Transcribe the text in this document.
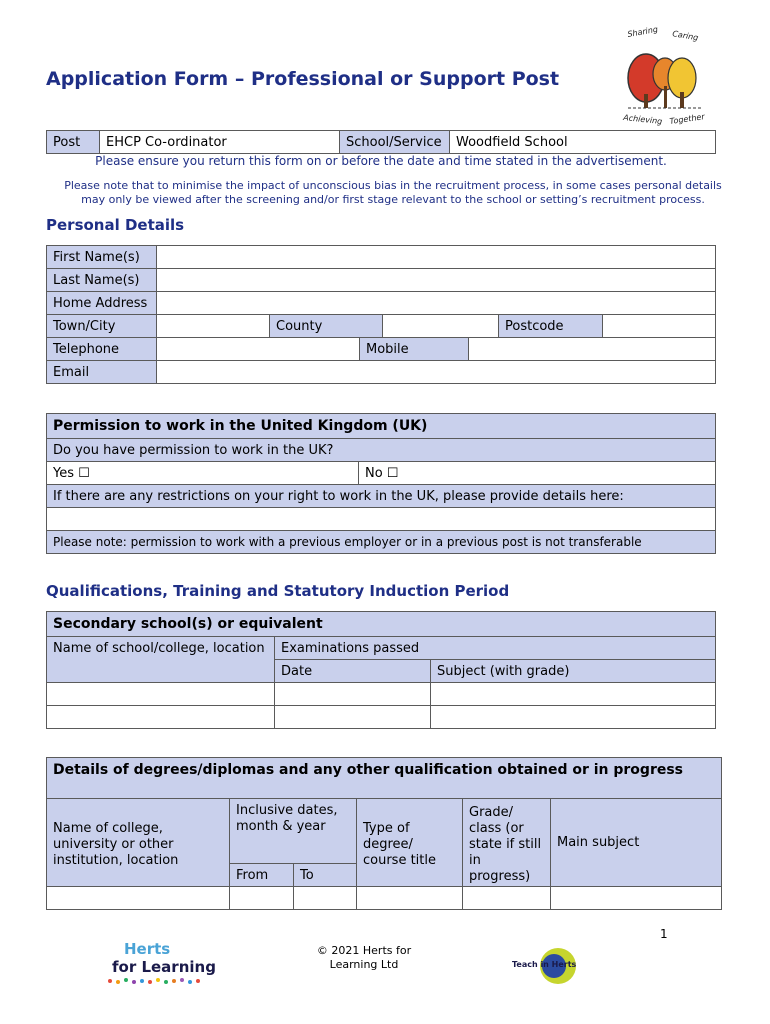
Application Form – Professional or Support Post
Sharing Caring
Achieving Together
Post	EHCP Co-ordinator	School/Service	Woodfield School
Please ensure you return this form on or before the date and time stated in the advertisement.
Please note that to minimise the impact of unconscious bias in the recruitment process, in some cases personal details
may only be viewed after the screening and/or first stage relevant to the school or setting’s recruitment process.
Personal Details
First Name(s)							
Last Name(s)							
Home Address							
Town/City		County				Postcode	
Telephone			Mobile				
Email							
Permission to work in the United Kingdom (UK)
Do you have permission to work in the UK?
Yes ☐	No ☐
If there are any restrictions on your right to work in the UK, please provide details here:

Please note: permission to work with a previous employer or in a previous post is not transferable
Qualifications, Training and Statutory Induction Period
Secondary school(s) or equivalent		
Name of school/college, location	Examinations passed	
	Date	Subject (with grade)

Details of degrees/diplomas and any other qualification obtained or in progress					
Name of college, university or other institution, location	Inclusive dates, month & year		Type of degree/ course title	Grade/ class (or state if still in progress)	Main subject
	From	To			

1
Herts
for Learning
© 2021 Herts for
Learning Ltd	Teach in Herts
